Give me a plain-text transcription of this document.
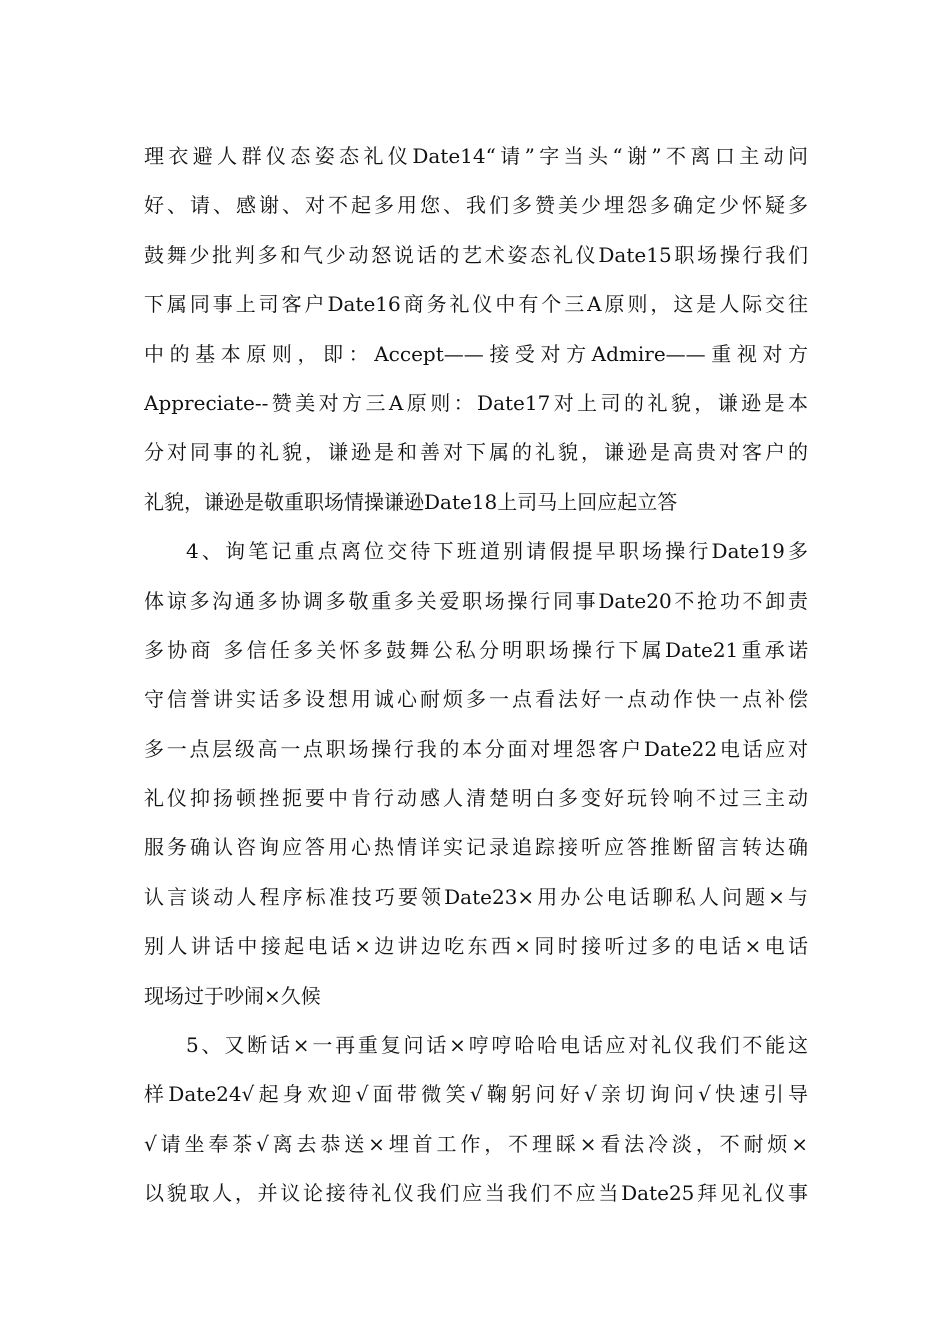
理衣避人群仪态姿态礼仪Date14“请”字当头“谢”不离口主动问
好、请、感谢、对不起多用您、我们多赞美少埋怨多确定少怀疑多
鼓舞少批判多和气少动怒说话的艺术姿态礼仪Date15职场操行我们
下属同事上司客户Date16商务礼仪中有个三A原则，这是人际交往
中的基本原则，即：Accept——接受对方Admire——重视对方
Appreciate--赞美对方三A原则：Date17对上司的礼貌，谦逊是本
分对同事的礼貌，谦逊是和善对下属的礼貌，谦逊是高贵对客户的
礼貌，谦逊是敬重职场情操谦逊Date18上司马上回应起立答
4、询笔记重点离位交待下班道别请假提早职场操行Date19多
体谅多沟通多协调多敬重多关爱职场操行同事Date20不抢功不卸责
多协商 多信任多关怀多鼓舞公私分明职场操行下属Date21重承诺
守信誉讲实话多设想用诚心耐烦多一点看法好一点动作快一点补偿
多一点层级高一点职场操行我的本分面对埋怨客户Date22电话应对
礼仪抑扬顿挫扼要中肯行动感人清楚明白多变好玩铃响不过三主动
服务确认咨询应答用心热情详实记录追踪接听应答推断留言转达确
认言谈动人程序标准技巧要领Date23×用办公电话聊私人问题×与
别人讲话中接起电话×边讲边吃东西×同时接听过多的电话×电话
现场过于吵闹×久候
5、又断话×一再重复问话×哼哼哈哈电话应对礼仪我们不能这
样Date24√起身欢迎√面带微笑√鞠躬问好√亲切询问√快速引导
√请坐奉茶√离去恭送×埋首工作，不理睬×看法冷淡，不耐烦×
以貌取人，并议论接待礼仪我们应当我们不应当Date25拜见礼仪事
